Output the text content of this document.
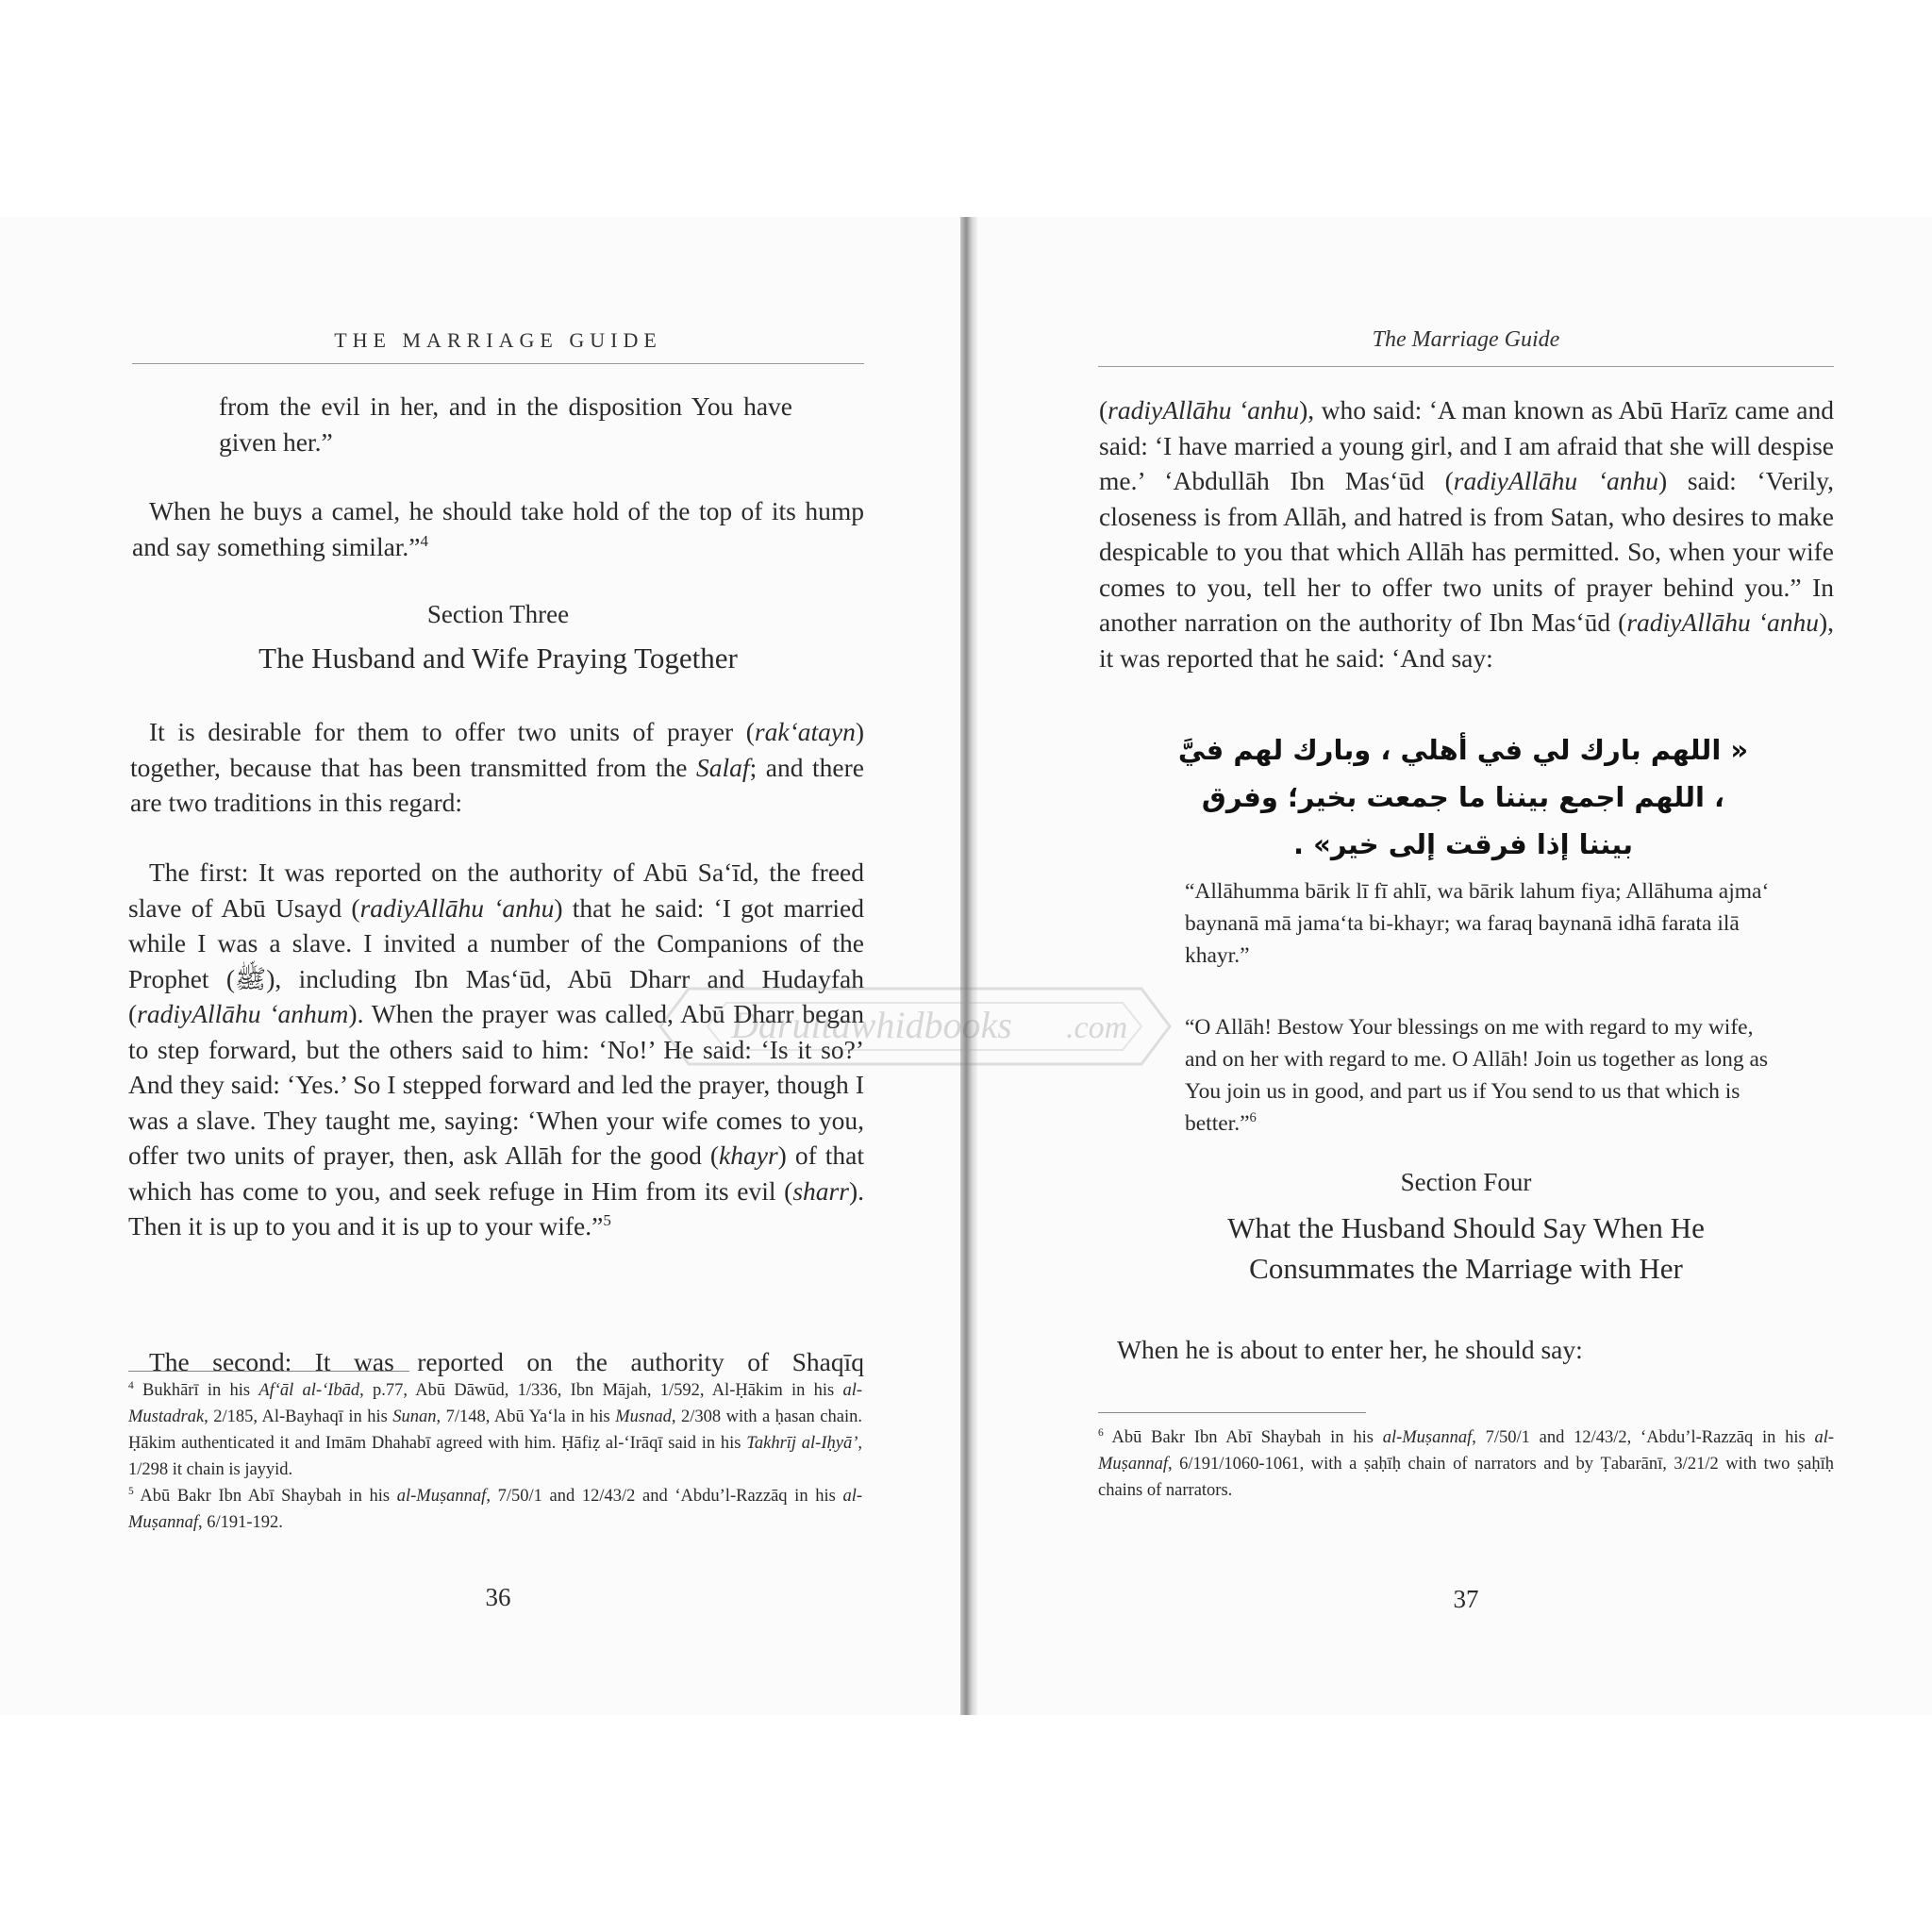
THE MARRIAGE GUIDE
from the evil in her, and in the disposition You have given her.”
When he buys a camel, he should take hold of the top of its hump and say something similar.”$^4$
Section Three
The Husband and Wife Praying Together
It is desirable for them to offer two units of prayer (rak‘atayn) together, because that has been transmitted from the Salaf; and there are two traditions in this regard:
The first: It was reported on the authority of Abū Sa‘īd, the freed slave of Abū Usayd (radiyAllāhu ‘anhu) that he said: ‘I got married while I was a slave. I invited a number of the Companions of the Prophet (ﷺ), including Ibn Mas‘ūd, Abū Dharr and Hudayfah (radiyAllāhu ‘anhum). When the prayer was called, Abū Dharr began to step forward, but the others said to him: ‘No!’ He said: ‘Is it so?’ And they said: ‘Yes.’ So I stepped forward and led the prayer, though I was a slave. They taught me, saying: ‘When your wife comes to you, offer two units of prayer, then, ask Allāh for the good (khayr) of that which has come to you, and seek refuge in Him from its evil (sharr). Then it is up to you and it is up to your wife.”$^5$
The second: It was reported on the authority of Shaqīq

$^4$ Bukhārī in his Af‘āl al-‘Ibād, p.77, Abū Dāwūd, 1/336, Ibn Mājah, 1/592, Al-Ḥākim in his al-Mustadrak, 2/185, Al-Bayhaqī in his Sunan, 7/148, Abū Ya‘la in his Musnad, 2/308 with a ḥasan chain. Ḥākim authenticated it and Imām Dhahabī agreed with him. Ḥāfiẓ al-‘Irāqī said in his Takhrīj al-Iḥyā’, 1/298 it chain is jayyid.

$^5$ Abū Bakr Ibn Abī Shaybah in his al-Muṣannaf, 7/50/1 and 12/43/2 and ‘Abdu’l-Razzāq in his al-Muṣannaf, 6/191-192.

36
The Marriage Guide
(radiyAllāhu ‘anhu), who said: ‘A man known as Abū Harīz came and said: ‘I have married a young girl, and I am afraid that she will despise me.’ ‘Abdullāh Ibn Mas‘ūd (radiyAllāhu ‘anhu) said: ‘Verily, closeness is from Allāh, and hatred is from Satan, who desires to make despicable to you that which Allāh has permitted. So, when your wife comes to you, tell her to offer two units of prayer behind you.” In another narration on the authority of Ibn Mas‘ūd (radiyAllāhu ‘anhu), it was reported that he said: ‘And say:
« اللهم بارك لي في أهلي ، وبارك لهم فيَّ ، اللهم اجمع بيننا ما جمعت بخير؛ وفرق بيننا إذا فرقت إلى خير» .
“Allāhumma bārik lī fī ahlī, wa bārik lahum fiya; Allāhuma ajma‘ baynanā mā jama‘ta bi-khayr; wa faraq baynanā idhā farata ilā khayr.”
“O Allāh! Bestow Your blessings on me with regard to my wife, and on her with regard to me. O Allāh! Join us together as long as You join us in good, and part us if You send to us that which is better.”$^6$
Section Four
What the Husband Should Say When He Consummates the Marriage with Her
When he is about to enter her, he should say:

$^6$ Abū Bakr Ibn Abī Shaybah in his al-Muṣannaf, 7/50/1 and 12/43/2, ‘Abdu’l-Razzāq in his al-Muṣannaf, 6/191/1060-1061, with a ṣaḥīḥ chain of narrators and by Ṭabarānī, 3/21/2 with two ṣaḥīḥ chains of narrators.

37
Darultawhidbooks .com
